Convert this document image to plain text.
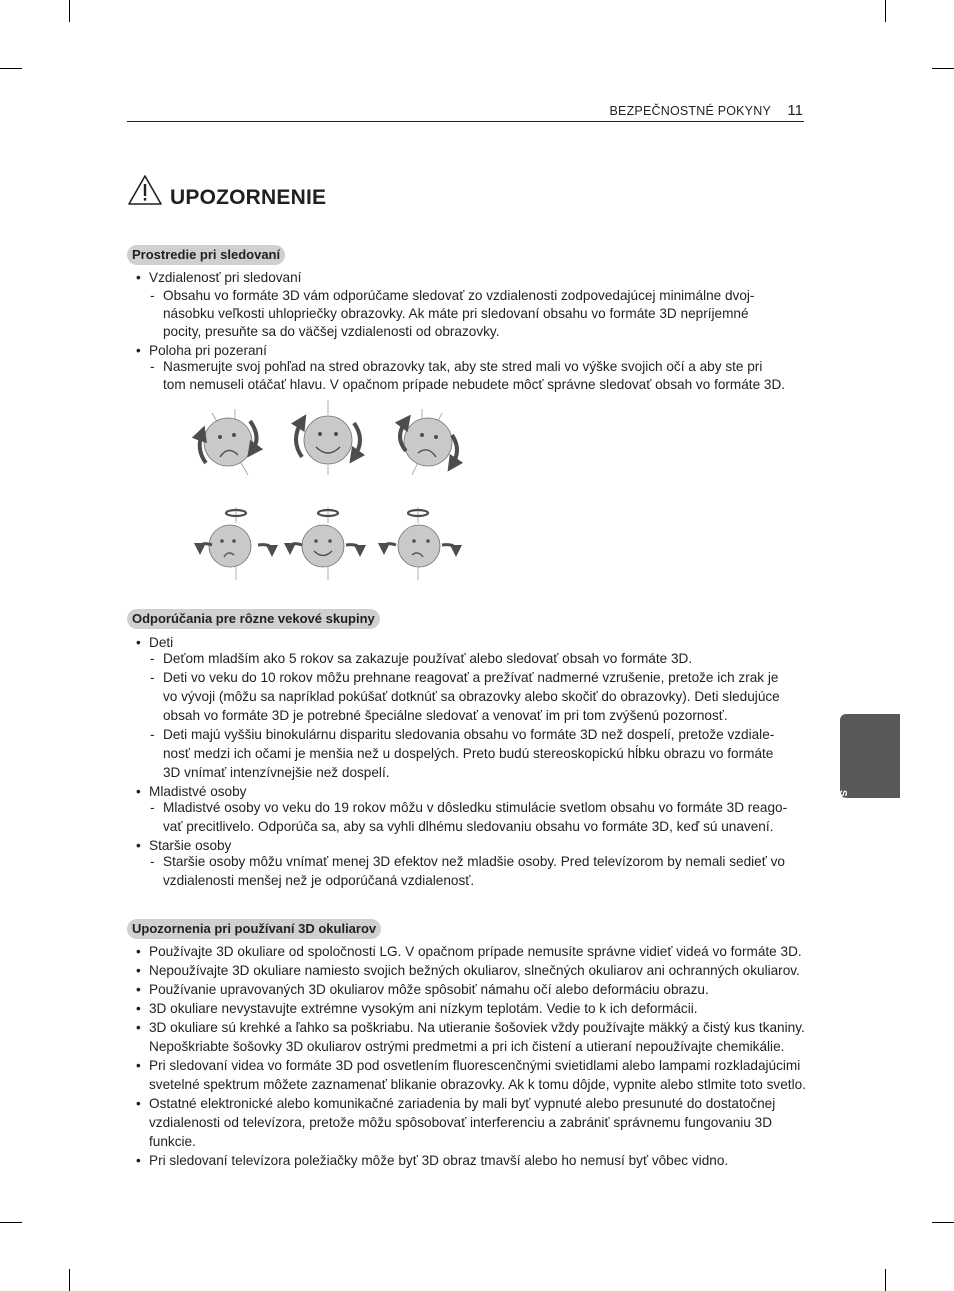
BEZPEČNOSTNÉ POKYNY 11
UPOZORNENIE
Prostredie pri sledovaní
• Vzdialenosť pri sledovaní
- Obsahu vo formáte 3D vám odporúčame sledovať zo vzdialenosti zodpovedajúcej minimálne dvoj-
násobku veľkosti uhlopriečky obrazovky. Ak máte pri sledovaní obsahu vo formáte 3D nepríjemné
pocity, presuňte sa do väčšej vzdialenosti od obrazovky.
• Poloha pri pozeraní
- Nasmerujte svoj pohľad na stred obrazovky tak, aby ste stred mali vo výške svojich očí a aby ste pri
tom nemuseli otáčať hlavu. V opačnom prípade nebudete môcť správne sledovať obsah vo formáte 3D.
Odporúčania pre rôzne vekové skupiny
• Deti
- Deťom mladším ako 5 rokov sa zakazuje používať alebo sledovať obsah vo formáte 3D.
- Deti vo veku do 10 rokov môžu prehnane reagovať a prežívať nadmerné vzrušenie, pretože ich zrak je
vo vývoji (môžu sa napríklad pokúšať dotknúť sa obrazovky alebo skočiť do obrazovky). Deti sledujúce
obsah vo formáte 3D je potrebné špeciálne sledovať a venovať im pri tom zvýšenú pozornosť.
- Deti majú vyššiu binokulárnu disparitu sledovania obsahu vo formáte 3D než dospelí, pretože vzdiale-
nosť medzi ich očami je menšia než u dospelých. Preto budú stereoskopickú hĺbku obrazu vo formáte
3D vnímať intenzívnejšie než dospelí.
• Mladistvé osoby
- Mladistvé osoby vo veku do 19 rokov môžu v dôsledku stimulácie svetlom obsahu vo formáte 3D reago-
vať precitlivelo. Odporúča sa, aby sa vyhli dlhému sledovaniu obsahu vo formáte 3D, keď sú unavení.
• Staršie osoby
- Staršie osoby môžu vnímať menej 3D efektov než mladšie osoby. Pred televízorom by nemali sedieť vo
vzdialenosti menšej než je odporúčaná vzdialenosť.
Upozornenia pri používaní 3D okuliarov
• Používajte 3D okuliare od spoločnosti LG. V opačnom prípade nemusíte správne vidieť videá vo formáte 3D.
• Nepoužívajte 3D okuliare namiesto svojich bežných okuliarov, slnečných okuliarov ani ochranných okuliarov.
• Používanie upravovaných 3D okuliarov môže spôsobiť námahu očí alebo deformáciu obrazu.
• 3D okuliare nevystavujte extrémne vysokým ani nízkym teplotám. Vedie to k ich deformácii.
• 3D okuliare sú krehké a ľahko sa poškriabu. Na utieranie šošoviek vždy používajte mäkký a čistý kus tkaniny.
Nepoškriabte šošovky 3D okuliarov ostrými predmetmi a pri ich čistení a utieraní nepoužívajte chemikálie.
• Pri sledovaní videa vo formáte 3D pod osvetlením fluorescenčnými svietidlami alebo lampami rozkladajúcimi
svetelné spektrum môžete zaznamenať blikanie obrazovky. Ak k tomu dôjde, vypnite alebo stlmite toto svetlo.
• Ostatné elektronické alebo komunikačné zariadenia by mali byť vypnuté alebo presunuté do dostatočnej
vzdialenosti od televízora, pretože môžu spôsobovať interferenciu a zabrániť správnemu fungovaniu 3D
funkcie.
• Pri sledovaní televízora poležiačky môže byť 3D obraz tmavší alebo ho nemusí byť vôbec vidno.
SLOVENČINA
